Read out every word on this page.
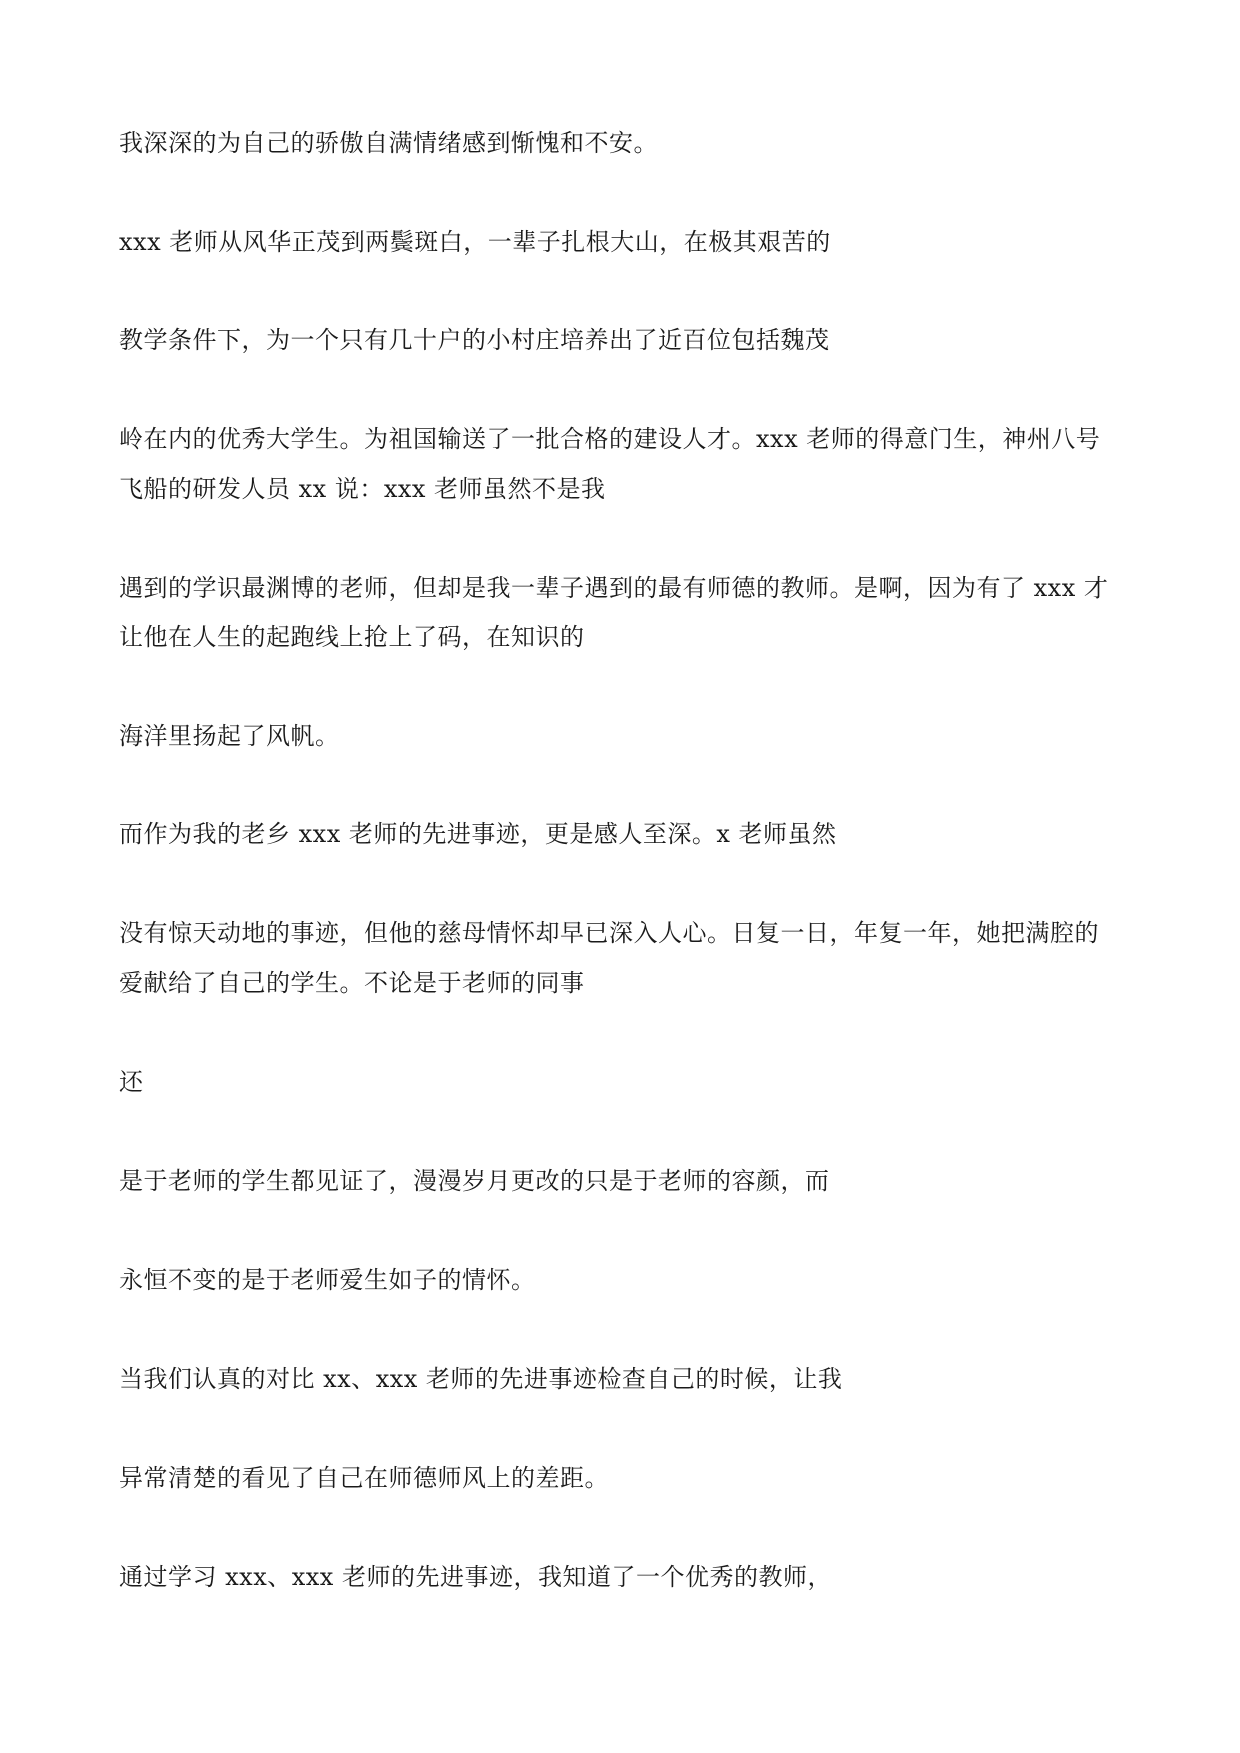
我深深的为自己的骄傲自满情绪感到惭愧和不安。
xxx 老师从风华正茂到两鬓斑白，一辈子扎根大山，在极其艰苦的
教学条件下，为一个只有几十户的小村庄培养出了近百位包括魏茂
岭在内的优秀大学生。为祖国输送了一批合格的建设人才。xxx 老师的得意门生，神州八号
飞船的研发人员 xx 说：xxx 老师虽然不是我
遇到的学识最渊博的老师，但却是我一辈子遇到的最有师德的教师。是啊，因为有了 xxx 才
让他在人生的起跑线上抢上了码，在知识的
海洋里扬起了风帆。
而作为我的老乡 xxx 老师的先进事迹，更是感人至深。x 老师虽然
没有惊天动地的事迹，但他的慈母情怀却早已深入人心。日复一日，年复一年，她把满腔的
爱献给了自己的学生。不论是于老师的同事
还
是于老师的学生都见证了，漫漫岁月更改的只是于老师的容颜，而
永恒不变的是于老师爱生如子的情怀。
当我们认真的对比 xx、xxx 老师的先进事迹检查自己的时候，让我
异常清楚的看见了自己在师德师风上的差距。
通过学习 xxx、xxx 老师的先进事迹，我知道了一个优秀的教师，
